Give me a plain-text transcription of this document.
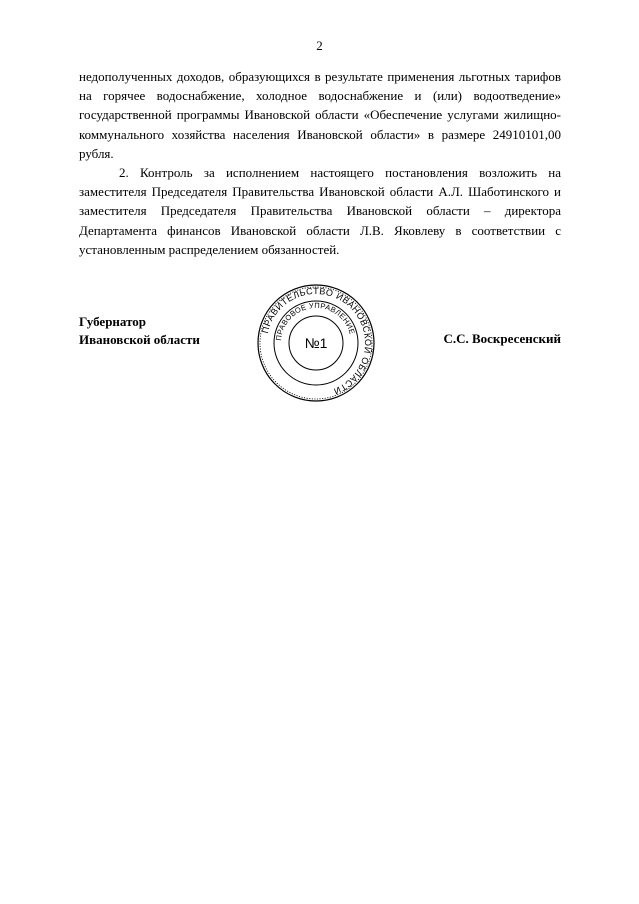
2

недополученных доходов, образующихся в результате применения льготных тарифов на горячее водоснабжение, холодное водоснабжение и (или) водоотведение» государственной программы Ивановской области «Обеспечение услугами жилищно-коммунального хозяйства населения Ивановской области» в размере 24910101,00 рубля.

2. Контроль за исполнением настоящего постановления возложить на заместителя Председателя Правительства Ивановской области А.Л. Шаботинского и заместителя Председателя Правительства Ивановской области – директора Департамента финансов Ивановской области Л.В. Яковлеву в соответствии с установленным распределением обязанностей.

Губернатор
Ивановской области	С.С. Воскресенский
ПРАВИТЕЛЬСТВО ИВАНОВСКОЙ ОБЛАСТИ
ПРАВОВОЕ УПРАВЛЕНИЕ
№1
